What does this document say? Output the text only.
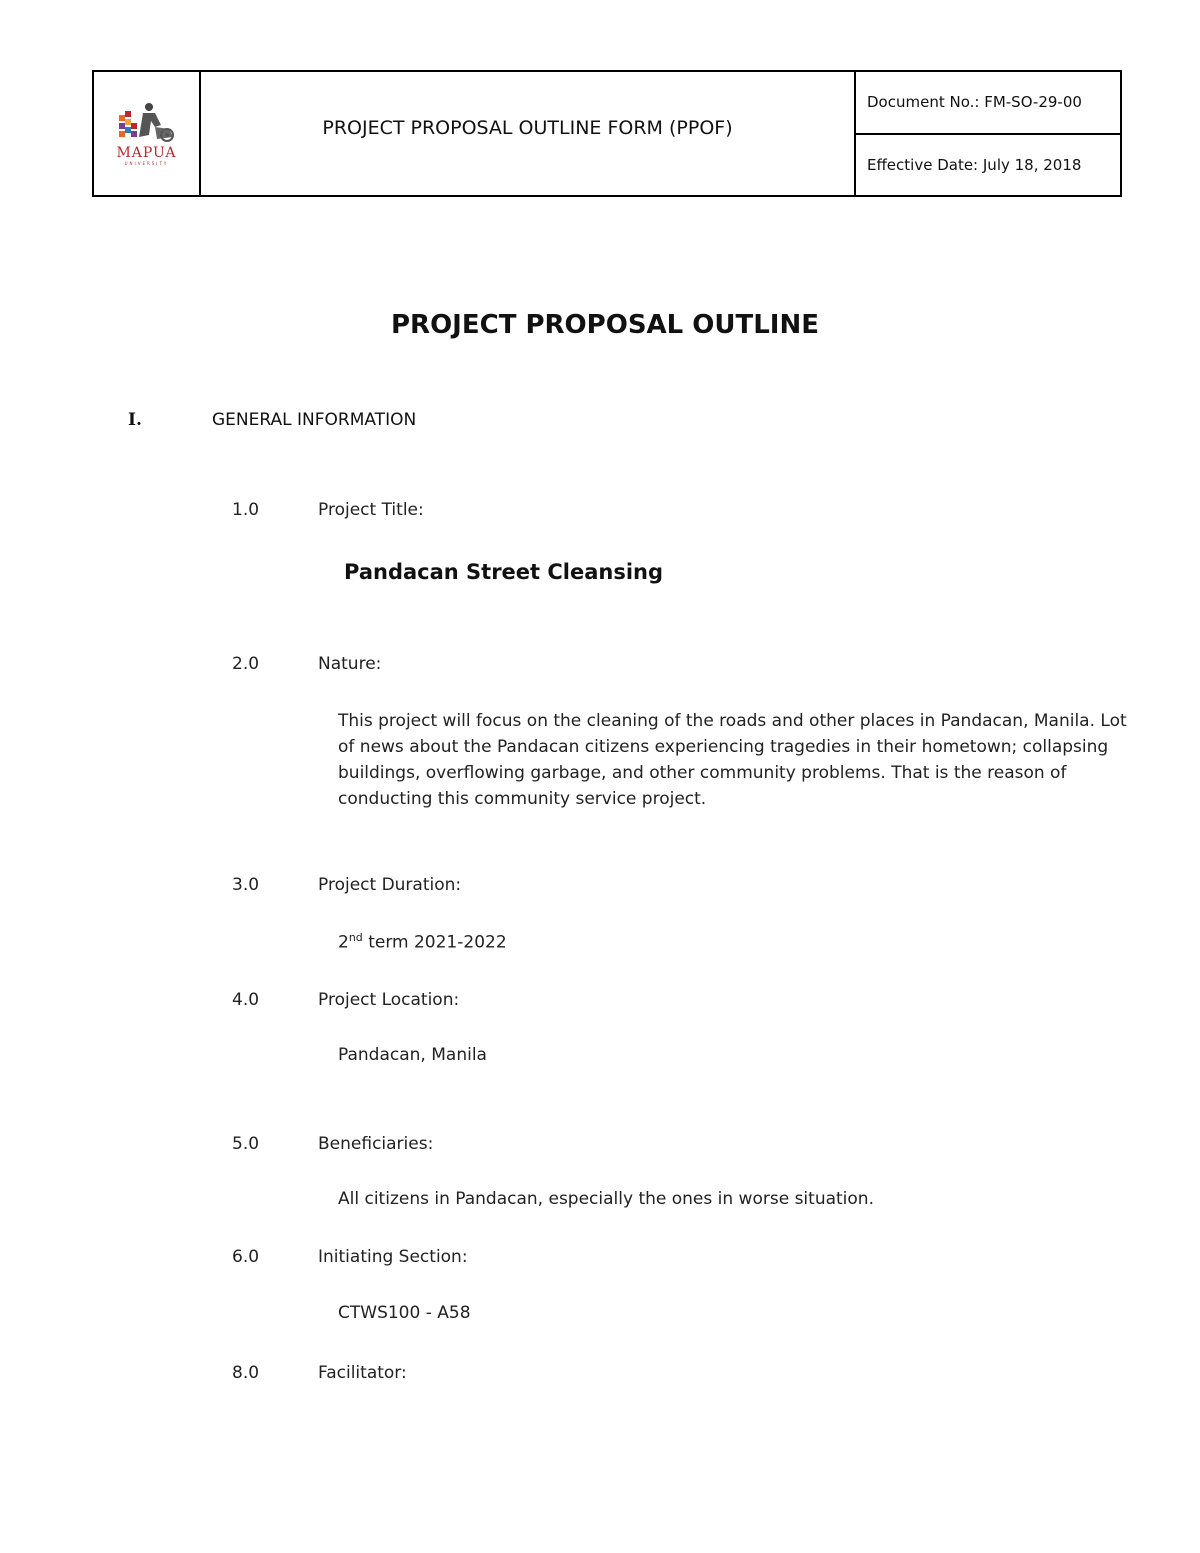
MAPUA
UNIVERSITY
PROJECT PROPOSAL OUTLINE FORM (PPOF)
Document No.: FM-SO-29-00
Effective Date: July 18, 2018
PROJECT PROPOSAL OUTLINE
I.	GENERAL INFORMATION
1.0	Project Title:
Pandacan Street Cleansing
2.0	Nature:
This project will focus on the cleaning of the roads and other places in Pandacan, Manila. Lot of news about the Pandacan citizens experiencing tragedies in their hometown; collapsing buildings, overflowing garbage, and other community problems. That is the reason of conducting this community service project.
3.0	Project Duration:
2nd term 2021-2022
4.0	Project Location:
Pandacan, Manila
5.0	Beneficiaries:
All citizens in Pandacan, especially the ones in worse situation.
6.0	Initiating Section:
CTWS100 - A58
8.0	Facilitator:
